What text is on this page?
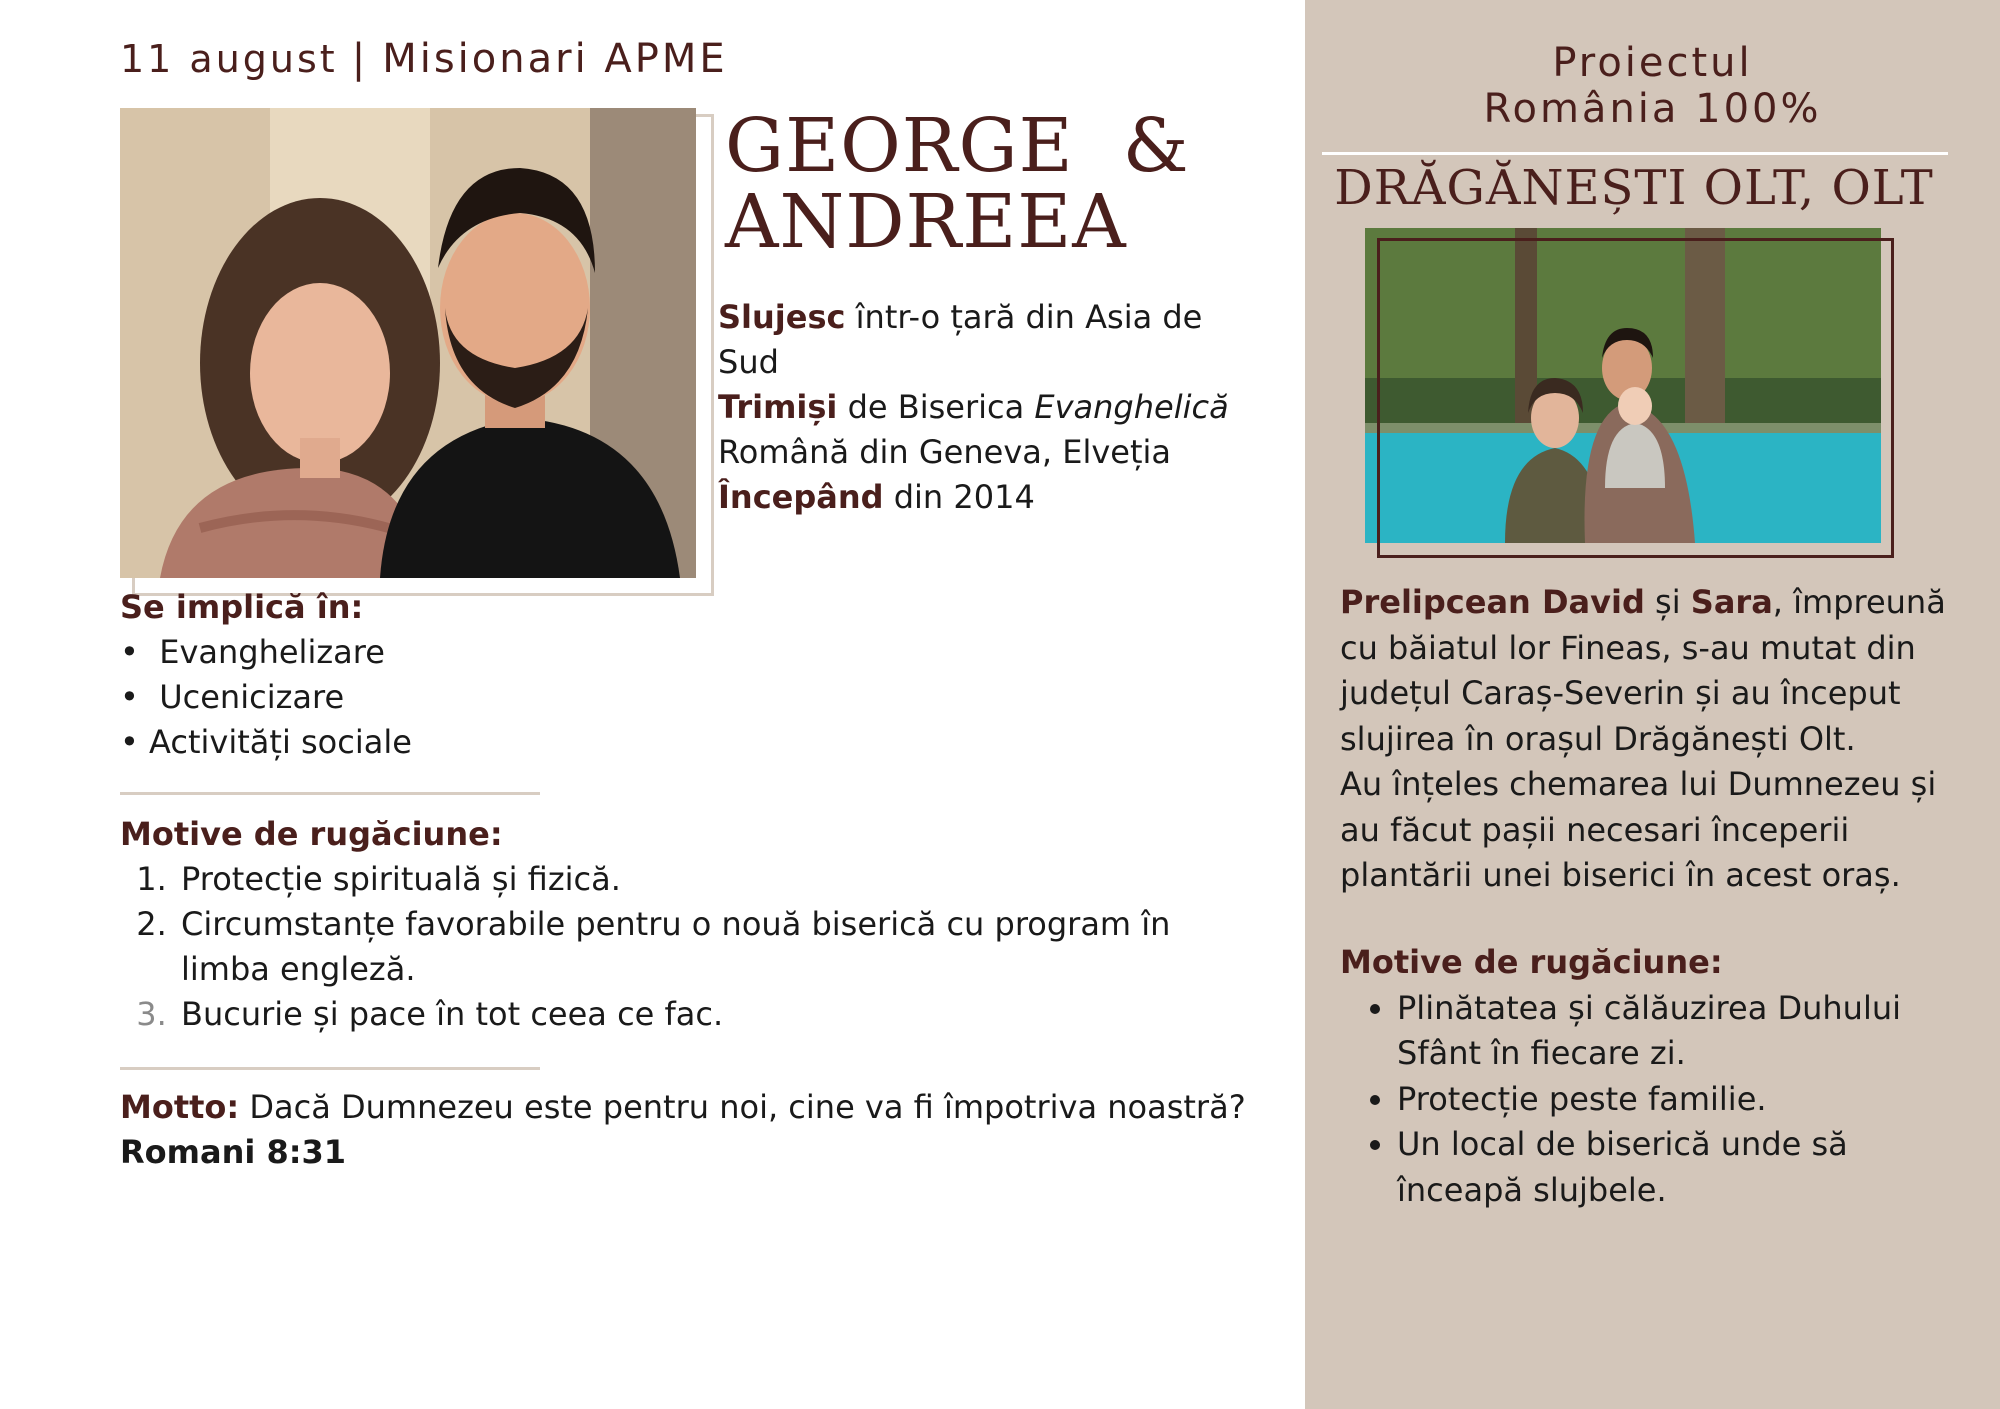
11 august | Misionari APME
GEORGE  &
ANDREEA
Slujesc într-o țară din Asia de Sud
Trimiși de Biserica Evanghelică Română din Geneva, Elveția
Începând din 2014
Se implică în:
•  Evanghelizare
•  Ucenicizare
• Activități sociale
Motive de rugăciune:
1. Protecție spirituală și fizică.
2. Circumstanțe favorabile pentru o nouă biserică cu program în limba engleză.
3. Bucurie și pace în tot ceea ce fac.
Motto: Dacă Dumnezeu este pentru noi, cine va fi împotriva noastră? Romani 8:31
Proiectul
România 100%
DRĂGĂNEȘTI OLT, OLT
Prelipcean David și Sara, împreună cu băiatul lor Fineas, s-au mutat din județul Caraș-Severin și au început slujirea în orașul Drăgănești Olt.
Au înțeles chemarea lui Dumnezeu și au făcut pașii necesari începerii plantării unei biserici în acest oraș.
Motive de rugăciune:
• Plinătatea și călăuzirea Duhului Sfânt în fiecare zi.
• Protecție peste familie.
• Un local de biserică unde să înceapă slujbele.
